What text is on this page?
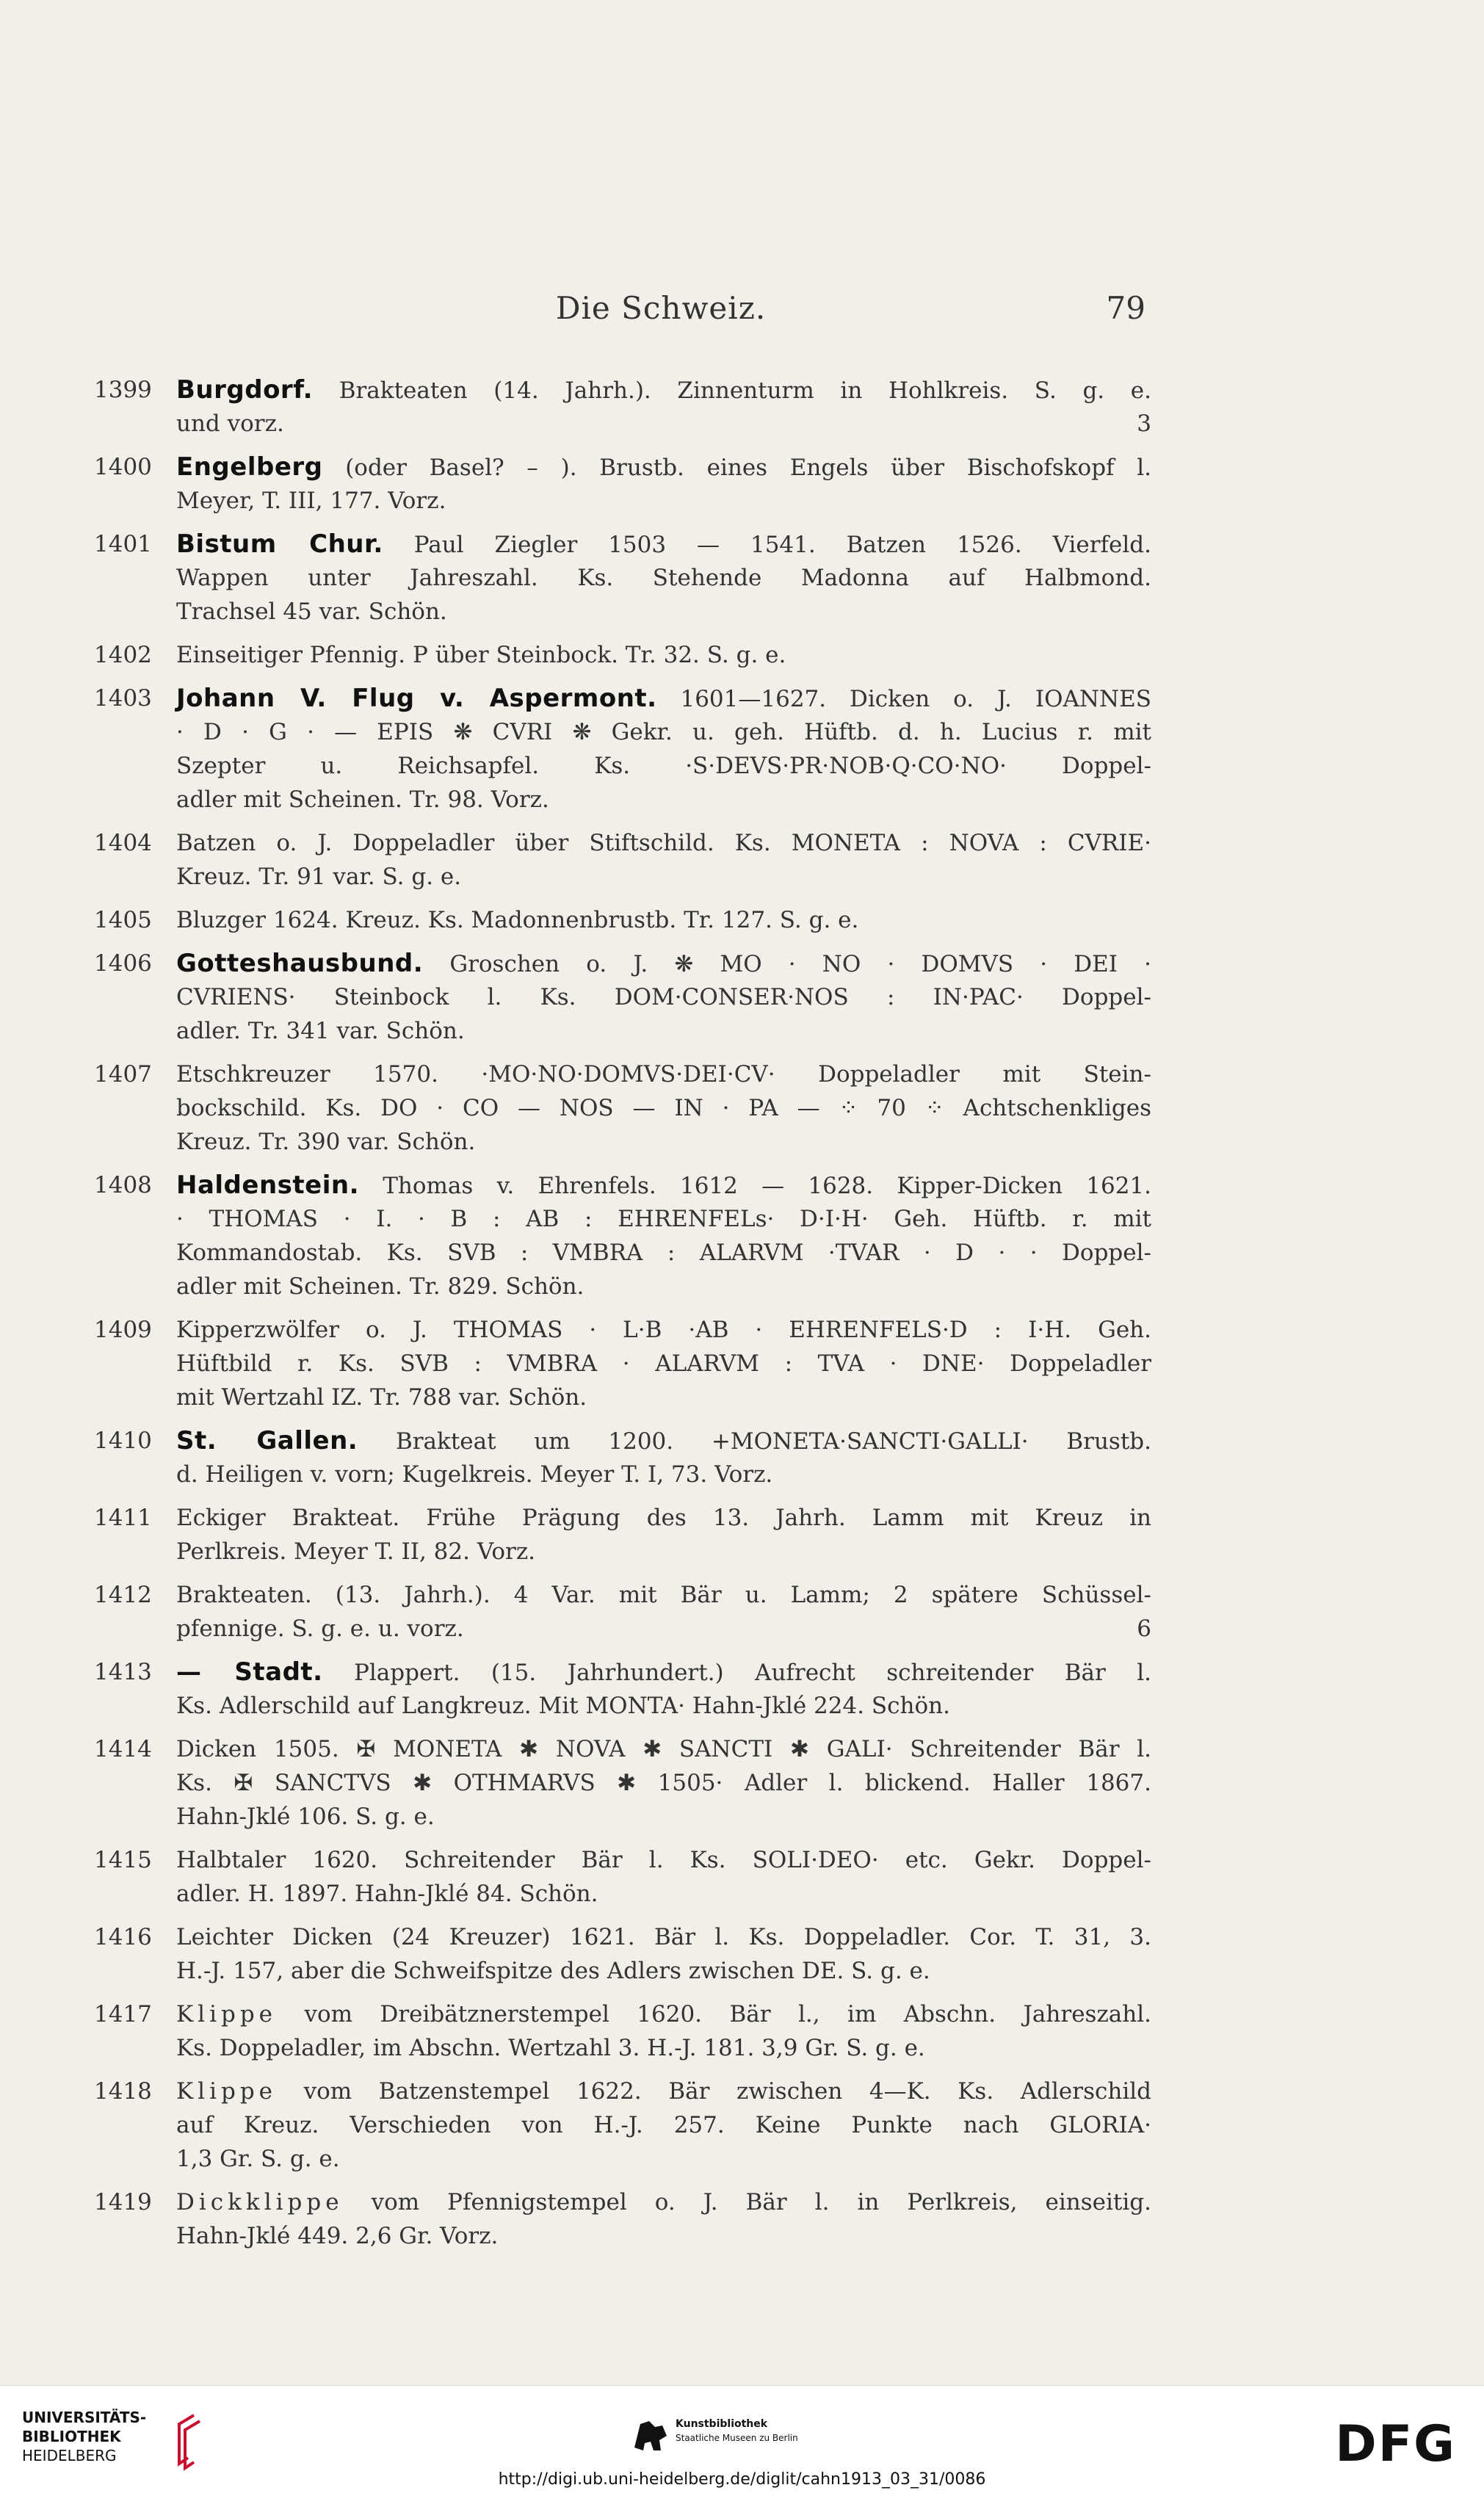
Die Schweiz.	79
1399 Burgdorf. Brakteaten (14. Jahrh.). Zinnenturm in Hohlkreis. S. g. e.
und vorz.	3
1400 Engelberg (oder Basel? – ). Brustb. eines Engels über Bischofskopf l.
Meyer, T. III, 177. Vorz.
1401 Bistum Chur. Paul Ziegler 1503 — 1541. Batzen 1526. Vierfeld.
Wappen unter Jahreszahl. Ks. Stehende Madonna auf Halbmond.
Trachsel 45 var. Schön.
1402	Einseitiger Pfennig. P über Steinbock. Tr. 32. S. g. e.
1403 Johann V. Flug v. Aspermont. 1601—1627. Dicken o. J. IOANNES
· D · G · — EPIS ❋ CVRI ❋ Gekr. u. geh. Hüftb. d. h. Lucius r. mit
Szepter u. Reichsapfel. Ks. ·S·DEVS·PR·NOB·Q·CO·NO· Doppel-
adler mit Scheinen. Tr. 98. Vorz.
1404	Batzen o. J. Doppeladler über Stiftschild. Ks. MONETA : NOVA : CVRIE·
Kreuz. Tr. 91 var. S. g. e.
1405	Bluzger 1624. Kreuz. Ks. Madonnenbrustb. Tr. 127. S. g. e.
1406 Gotteshausbund. Groschen o. J. ❋ MO · NO · DOMVS · DEI ·
CVRIENS· Steinbock l. Ks. DOM·CONSER·NOS : IN·PAC· Doppel-
adler. Tr. 341 var. Schön.
1407	Etschkreuzer 1570. ·MO·NO·DOMVS·DEI·CV· Doppeladler mit Stein-
bockschild. Ks. DO · CO — NOS — IN · PA — ⁘ 70 ⁘ Achtschenkliges
Kreuz. Tr. 390 var. Schön.
1408 Haldenstein. Thomas v. Ehrenfels. 1612 — 1628. Kipper-Dicken 1621.
· THOMAS · I. · B : AB : EHRENFELs· D·I·H· Geh. Hüftb. r. mit
Kommandostab. Ks. SVB : VMBRA : ALARVM ·TVAR · D · · Doppel-
adler mit Scheinen. Tr. 829. Schön.
1409	Kipperzwölfer o. J. THOMAS · L·B ·AB · EHRENFELS·D : I·H. Geh.
Hüftbild r. Ks. SVB : VMBRA · ALARVM : TVA · DNE· Doppeladler
mit Wertzahl IZ. Tr. 788 var. Schön.
1410 St. Gallen. Brakteat um 1200. +MONETA·SANCTI·GALLI· Brustb.
d. Heiligen v. vorn; Kugelkreis. Meyer T. I, 73. Vorz.
1411	Eckiger Brakteat. Frühe Prägung des 13. Jahrh. Lamm mit Kreuz in
Perlkreis. Meyer T. II, 82. Vorz.
1412	Brakteaten. (13. Jahrh.). 4 Var. mit Bär u. Lamm; 2 spätere Schüssel-
pfennige. S. g. e. u. vorz.	6
1413 — Stadt. Plappert. (15. Jahrhundert.) Aufrecht schreitender Bär l.
Ks. Adlerschild auf Langkreuz. Mit MONTA· Hahn-Jklé 224. Schön.
1414	Dicken 1505. ✠ MONETA ✱ NOVA ✱ SANCTI ✱ GALI· Schreitender Bär l.
Ks. ✠ SANCTVS ✱ OTHMARVS ✱ 1505· Adler l. blickend. Haller 1867.
Hahn-Jklé 106. S. g. e.
1415	Halbtaler 1620. Schreitender Bär l. Ks. SOLI·DEO· etc. Gekr. Doppel-
adler. H. 1897. Hahn-Jklé 84. Schön.
1416	Leichter Dicken (24 Kreuzer) 1621. Bär l. Ks. Doppeladler. Cor. T. 31, 3.
H.-J. 157, aber die Schweifspitze des Adlers zwischen DE. S. g. e.
1417	Klippe vom Dreibätznerstempel 1620. Bär l., im Abschn. Jahreszahl.
Ks. Doppeladler, im Abschn. Wertzahl 3. H.-J. 181. 3,9 Gr. S. g. e.
1418	Klippe vom Batzenstempel 1622. Bär zwischen 4—K. Ks. Adlerschild
auf Kreuz. Verschieden von H.-J. 257. Keine Punkte nach GLORIA·
1,3 Gr. S. g. e.
1419	Dickklippe vom Pfennigstempel o. J. Bär l. in Perlkreis, einseitig.
Hahn-Jklé 449. 2,6 Gr. Vorz.
UNIVERSITÄTS-
BIBLIOTHEK
HEIDELBERG
Kunstbibliothek
Staatliche Museen zu Berlin	DFG
http://digi.ub.uni-heidelberg.de/diglit/cahn1913_03_31/0086
